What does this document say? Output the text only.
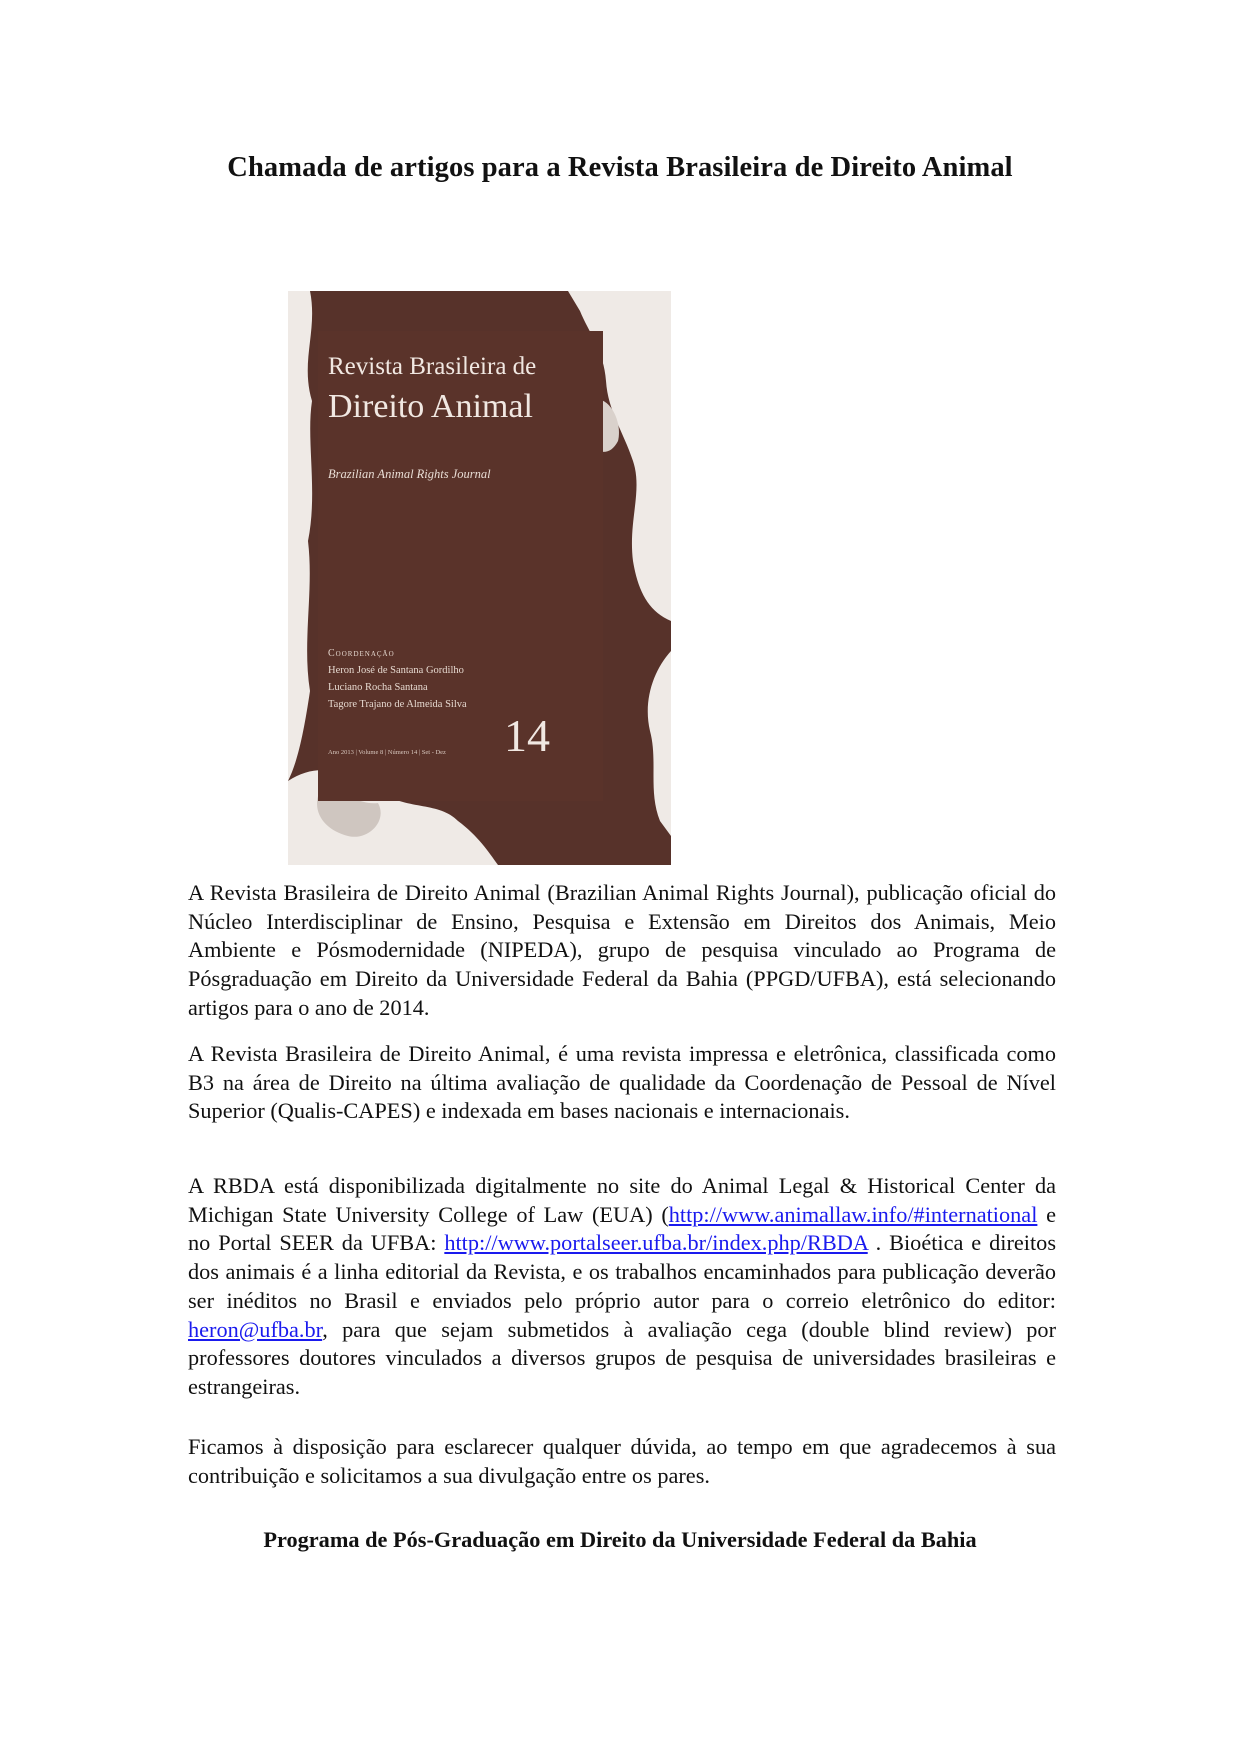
Chamada de artigos para a Revista Brasileira de Direito Animal
Revista Brasileira de
Direito Animal
Brazilian Animal Rights Journal
Coordenação
Heron José de Santana Gordilho
Luciano Rocha Santana
Tagore Trajano de Almeida Silva
14
Ano 2013 | Volume 8 | Número 14 | Set - Dez

A Revista Brasileira de Direito Animal (Brazilian Animal Rights Journal), publicação oficial do Núcleo Interdisciplinar de Ensino, Pesquisa e Extensão em Direitos dos Animais, Meio Ambiente e Pósmodernidade (NIPEDA), grupo de pesquisa vinculado ao Programa de Pósgraduação em Direito da Universidade Federal da Bahia (PPGD/UFBA), está selecionando artigos para o ano de 2014.

A Revista Brasileira de Direito Animal, é uma revista impressa e eletrônica, classificada como B3 na área de Direito na última avaliação de qualidade da Coordenação de Pessoal de Nível Superior (Qualis-CAPES) e indexada em bases nacionais e internacionais.

A RBDA está disponibilizada digitalmente no site do Animal Legal & Historical Center da Michigan State University College of Law (EUA) (http://www.animallaw.info/#international e no Portal SEER da UFBA: http://www.portalseer.ufba.br/index.php/RBDA . Bioética e direitos dos animais é a linha editorial da Revista, e os trabalhos encaminhados para publicação deverão ser inéditos no Brasil e enviados pelo próprio autor para o correio eletrônico do editor: heron@ufba.br, para que sejam submetidos à avaliação cega (double blind review) por professores doutores vinculados a diversos grupos de pesquisa de universidades brasileiras e estrangeiras.

Ficamos à disposição para esclarecer qualquer dúvida, ao tempo em que agradecemos à sua contribuição e solicitamos a sua divulgação entre os pares.

Programa de Pós-Graduação em Direito da Universidade Federal da Bahia
